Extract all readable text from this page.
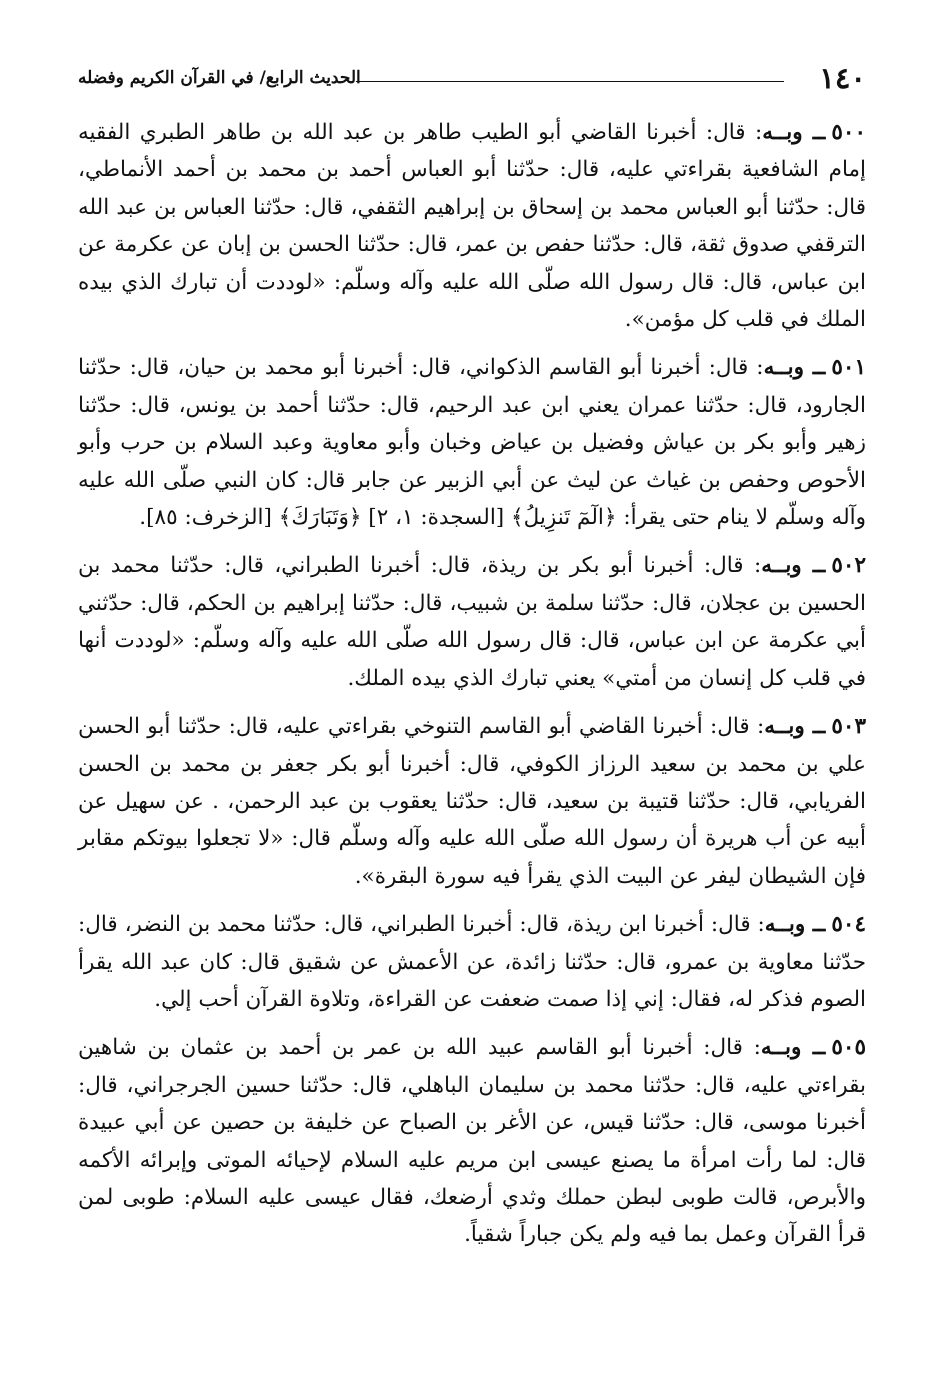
١٤٠
الحديث الرابع/ في القرآن الكريم وفضله

٥٠٠ــ وبــه: قال: أخبرنا القاضي أبو الطيب طاهر بن عبد الله بن طاهر الطبري الفقيه إمام الشافعية بقراءتي عليه، قال: حدّثنا أبو العباس أحمد بن محمد بن أحمد الأنماطي، قال: حدّثنا أبو العباس محمد بن إسحاق بن إبراهيم الثقفي، قال: حدّثنا العباس بن عبد الله الترقفي صدوق ثقة، قال: حدّثنا حفص بن عمر، قال: حدّثنا الحسن بن إبان عن عكرمة عن ابن عباس، قال: قال رسول الله صلّى الله عليه وآله وسلّم: «لوددت أن تبارك الذي بيده الملك في قلب كل مؤمن».

٥٠١ــ وبــه: قال: أخبرنا أبو القاسم الذكواني، قال: أخبرنا أبو محمد بن حيان، قال: حدّثنا الجارود، قال: حدّثنا عمران يعني ابن عبد الرحيم، قال: حدّثنا أحمد بن يونس، قال: حدّثنا زهير وأبو بكر بن عياش وفضيل بن عياض وخبان وأبو معاوية وعبد السلام بن حرب وأبو الأحوص وحفص بن غياث عن ليث عن أبي الزبير عن جابر قال: كان النبي صلّى الله عليه وآله وسلّم لا ينام حتى يقرأ: ﴿الٓمٓ تَنزِيلُ﴾ [السجدة: ١، ٢] ﴿وَتَبَارَكَ﴾ [الزخرف: ٨٥].

٥٠٢ــ وبــه: قال: أخبرنا أبو بكر بن ريذة، قال: أخبرنا الطبراني، قال: حدّثنا محمد بن الحسين بن عجلان، قال: حدّثنا سلمة بن شبيب، قال: حدّثنا إبراهيم بن الحكم، قال: حدّثني أبي عكرمة عن ابن عباس، قال: قال رسول الله صلّى الله عليه وآله وسلّم: «لوددت أنها في قلب كل إنسان من أمتي» يعني تبارك الذي بيده الملك.

٥٠٣ــ وبــه: قال: أخبرنا القاضي أبو القاسم التنوخي بقراءتي عليه، قال: حدّثنا أبو الحسن علي بن محمد بن سعيد الرزاز الكوفي، قال: أخبرنا أبو بكر جعفر بن محمد بن الحسن الفريابي، قال: حدّثنا قتيبة بن سعيد، قال: حدّثنا يعقوب بن عبد الرحمن، . عن سهيل عن أبيه عن أب هريرة أن رسول الله صلّى الله عليه وآله وسلّم قال: «لا تجعلوا بيوتكم مقابر فإن الشيطان ليفر عن البيت الذي يقرأ فيه سورة البقرة».

٥٠٤ــ وبــه: قال: أخبرنا ابن ريذة، قال: أخبرنا الطبراني، قال: حدّثنا محمد بن النضر، قال: حدّثنا معاوية بن عمرو، قال: حدّثنا زائدة، عن الأعمش عن شقيق قال: كان عبد الله يقرأ الصوم فذكر له، فقال: إني إذا صمت ضعفت عن القراءة، وتلاوة القرآن أحب إلي.

٥٠٥ــ وبــه: قال: أخبرنا أبو القاسم عبيد الله بن عمر بن أحمد بن عثمان بن شاهين بقراءتي عليه، قال: حدّثنا محمد بن سليمان الباهلي، قال: حدّثنا حسين الجرجراني، قال: أخبرنا موسى، قال: حدّثنا قيس، عن الأغر بن الصباح عن خليفة بن حصين عن أبي عبيدة قال: لما رأت امرأة ما يصنع عيسى ابن مريم عليه السلام لإحيائه الموتى وإبرائه الأكمه والأبرص، قالت طوبى لبطن حملك وثدي أرضعك، فقال عيسى عليه السلام: طوبى لمن قرأ القرآن وعمل بما فيه ولم يكن جباراً شقياً.
